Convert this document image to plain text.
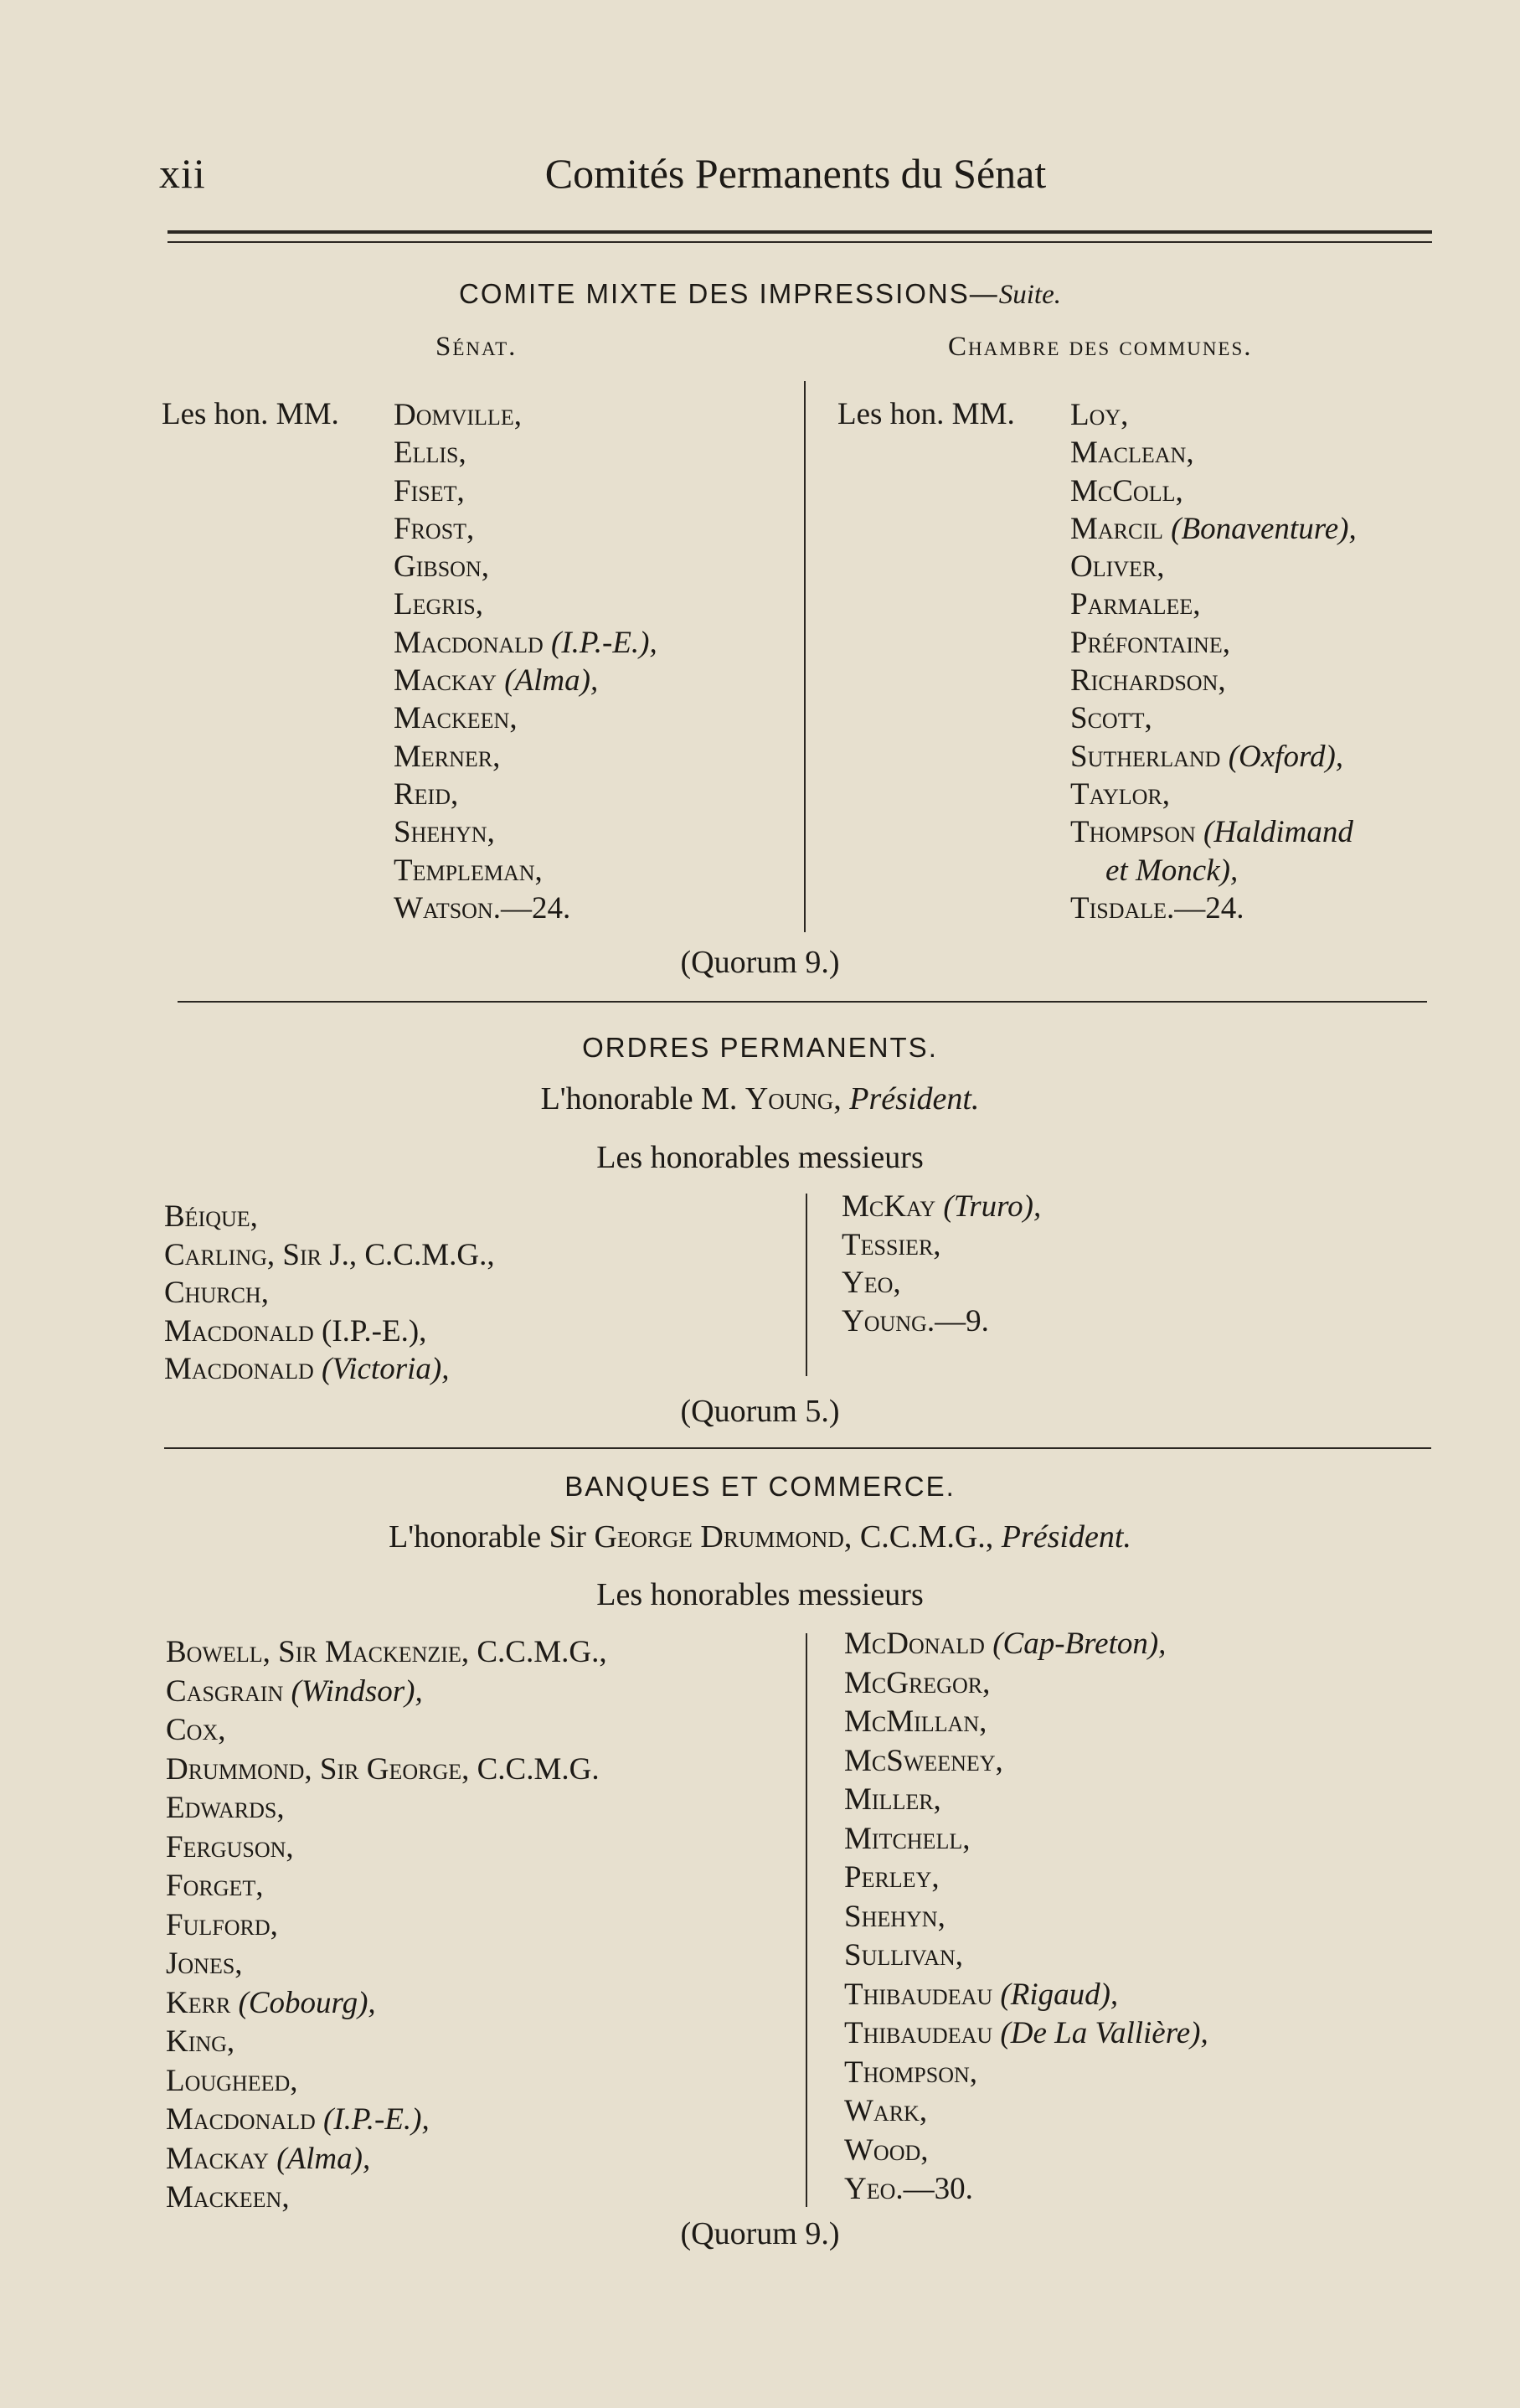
xii	Comités Permanents du Sénat
COMITE MIXTE DES IMPRESSIONS—Suite.
Sénat.	Chambre des communes.
Les hon. MM. Domville,
Ellis,
Fiset,
Frost,
Gibson,
Legris,
Macdonald (I.P.-E.),
Mackay (Alma),
Mackeen,
Merner,
Reid,
Shehyn,
Templeman,
Watson.—24.
Les hon. MM. Loy,
Maclean,
McColl,
Marcil (Bonaventure),
Oliver,
Parmalee,
Préfontaine,
Richardson,
Scott,
Sutherland (Oxford),
Taylor,
Thompson (Haldimand
et Monck),
Tisdale.—24.
(Quorum 9.)
ORDRES PERMANENTS.
L'honorable M. Young, Président.
Les honorables messieurs
Béique,
Carling, Sir J., C.C.M.G.,
Church,
Macdonald (I.P.-E.),
Macdonald (Victoria),
McKay (Truro),
Tessier,
Yeo,
Young.—9.
(Quorum 5.)
BANQUES ET COMMERCE.
L'honorable Sir George Drummond, C.C.M.G., Président.
Les honorables messieurs
Bowell, Sir Mackenzie, C.C.M.G.,
Casgrain (Windsor),
Cox,
Drummond, Sir George, C.C.M.G.
Edwards,
Ferguson,
Forget,
Fulford,
Jones,
Kerr (Cobourg),
King,
Lougheed,
Macdonald (I.P.-E.),
Mackay (Alma),
Mackeen,
McDonald (Cap-Breton),
McGregor,
McMillan,
McSweeney,
Miller,
Mitchell,
Perley,
Shehyn,
Sullivan,
Thibaudeau (Rigaud),
Thibaudeau (De La Vallière),
Thompson,
Wark,
Wood,
Yeo.—30.
(Quorum 9.)
